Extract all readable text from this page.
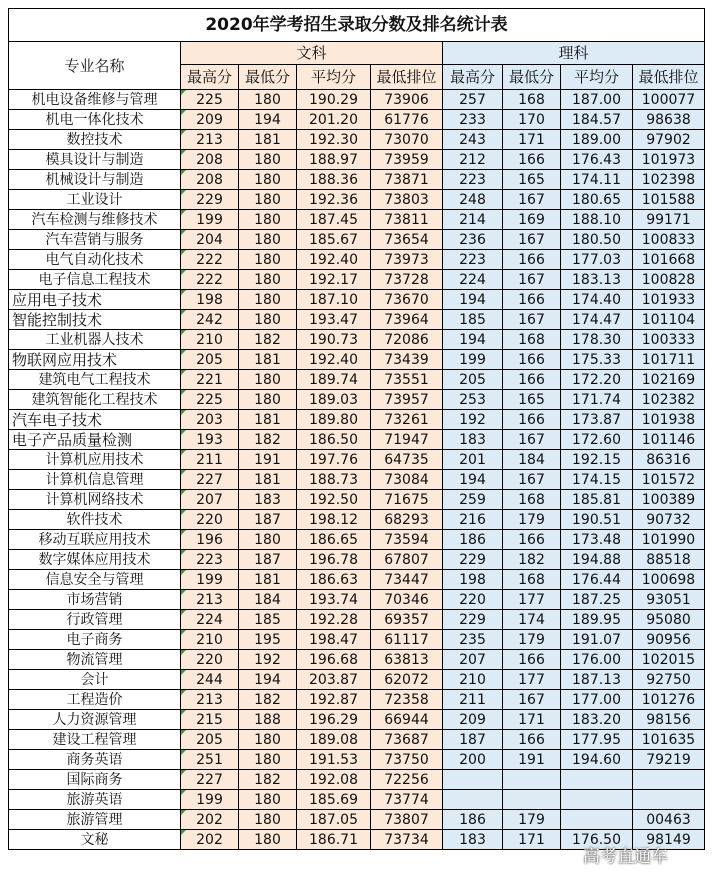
2020年学考招生录取分数及排名统计表								
专业名称	文科				理科			
	最高分	最低分	平均分	最低排位	最高分	最低分	平均分	最低排位
机电设备维修与管理	225	180	190.29	73906	257	168	187.00	100077
机电一体化技术	209	194	201.20	61776	233	170	184.57	98638
数控技术	213	181	192.30	73070	243	171	189.00	97902
模具设计与制造	208	180	188.97	73959	212	166	176.43	101973
机械设计与制造	208	180	188.36	73871	223	165	174.11	102398
工业设计	229	180	192.36	73803	248	167	180.65	101588
汽车检测与维修技术	199	180	187.45	73811	214	169	188.10	99171
汽车营销与服务	204	180	185.67	73654	236	167	180.50	100833
电气自动化技术	222	180	192.40	73973	223	166	177.03	101668
电子信息工程技术	222	180	192.17	73728	224	167	183.13	100828
应用电子技术	198	180	187.10	73670	194	166	174.40	101933
智能控制技术	242	180	193.47	73964	185	167	174.47	101104
工业机器人技术	210	182	190.73	72086	194	168	178.30	100333
物联网应用技术	205	181	192.40	73439	199	166	175.33	101711
建筑电气工程技术	221	180	189.74	73551	205	166	172.20	102169
建筑智能化工程技术	225	180	189.03	73957	253	165	171.74	102382
汽车电子技术	203	181	189.80	73261	192	166	173.87	101938
电子产品质量检测	193	182	186.50	71947	183	167	172.60	101146
计算机应用技术	211	191	197.76	64735	201	184	192.15	86316
计算机信息管理	227	181	188.73	73084	194	167	174.15	101572
计算机网络技术	207	183	192.50	71675	259	168	185.81	100389
软件技术	220	187	198.12	68293	216	179	190.51	90732
移动互联应用技术	196	180	186.65	73594	186	166	173.48	101990
数字媒体应用技术	223	187	196.78	67807	229	182	194.88	88518
信息安全与管理	199	181	186.63	73447	198	168	176.44	100698
市场营销	213	184	193.74	70346	220	177	187.25	93051
行政管理	224	185	192.28	69357	229	174	189.95	95080
电子商务	210	195	198.47	61117	235	179	191.07	90956
物流管理	220	192	196.68	63813	207	166	176.00	102015
会计	244	194	203.87	62072	210	177	187.13	92750
工程造价	213	182	192.87	72358	211	167	177.00	101276
人力资源管理	215	188	196.29	66944	209	171	183.20	98156
建设工程管理	205	180	189.08	73687	187	166	177.95	101635
商务英语	251	180	191.53	73750	200	191	194.60	79219
国际商务	227	182	192.08	72256				
旅游英语	199	180	185.69	73774				
旅游管理	202	180	187.05	73807	186	179		00463
文秘	202	180	186.71	73734	183	171	176.50	98149
高考直通车
